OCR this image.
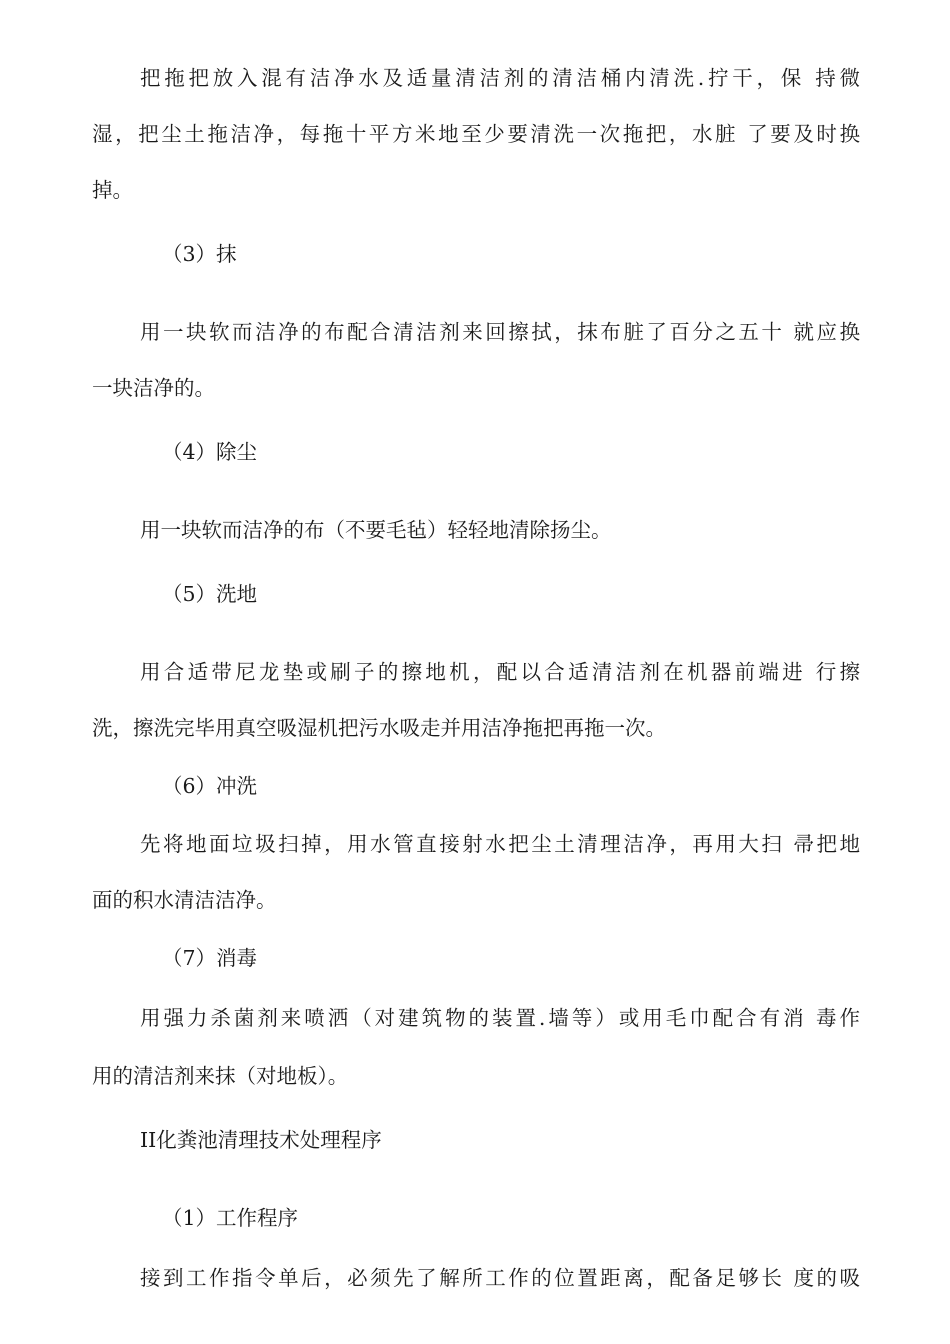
把拖把放入混有洁净水及适量清洁剂的清洁桶内清洗.拧干，保 持微
湿，把尘土拖洁净，每拖十平方米地至少要清洗一次拖把，水脏 了要及时换
掉。
（3）抹
用一块软而洁净的布配合清洁剂来回擦拭，抹布脏了百分之五十 就应换
一块洁净的。
（4）除尘
用一块软而洁净的布（不要毛毡）轻轻地清除扬尘。
（5）洗地
用合适带尼龙垫或刷子的擦地机，配以合适清洁剂在机器前端进 行擦
洗，擦洗完毕用真空吸湿机把污水吸走并用洁净拖把再拖一次。
（6）冲洗
先将地面垃圾扫掉，用水管直接射水把尘土清理洁净，再用大扫 帚把地
面的积水清洁洁净。
（7）消毒
用强力杀菌剂来喷洒（对建筑物的装置.墙等）或用毛巾配合有消 毒作
用的清洁剂来抹（对地板）。
II化粪池清理技术处理程序
（1）工作程序
接到工作指令单后，必须先了解所工作的位置距离，配备足够长 度的吸
